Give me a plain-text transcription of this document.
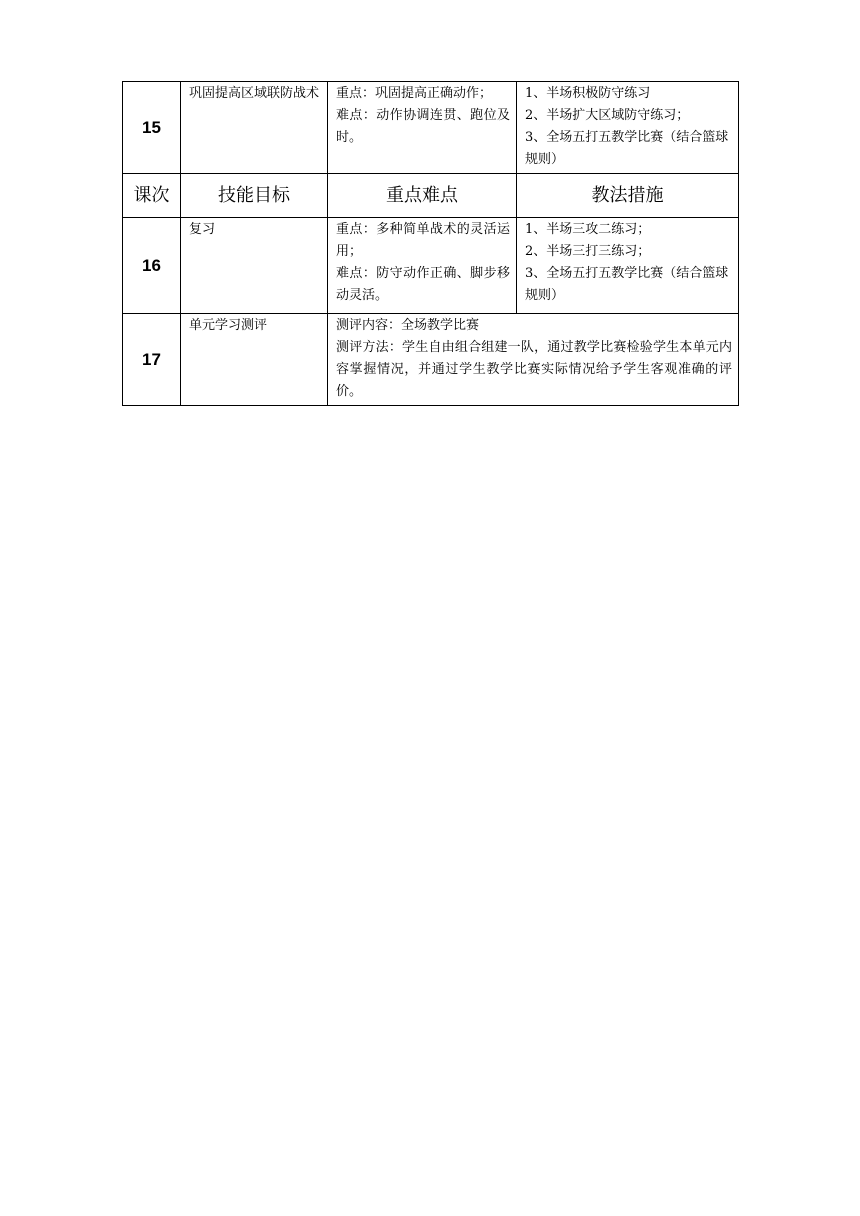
15	巩固提高区域联防战术	重点：巩固提高正确动作；
难点：动作协调连贯、跑位及时。	1、半场积极防守练习
2、半场扩大区域防守练习；
3、全场五打五教学比赛（结合篮球规则）

课次	技能目标	重点难点	教法措施
16	复习	重点：多种简单战术的灵活运用；
难点：防守动作正确、脚步移动灵活。	1、半场三攻二练习；
2、半场三打三练习；
3、全场五打五教学比赛（结合篮球规则）

17	单元学习测评	测评内容：全场教学比赛
测评方法：学生自由组合组建一队，通过教学比赛检验学生本单元内容掌握情况，并通过学生教学比赛实际情况给予学生客观准确的评价。	
